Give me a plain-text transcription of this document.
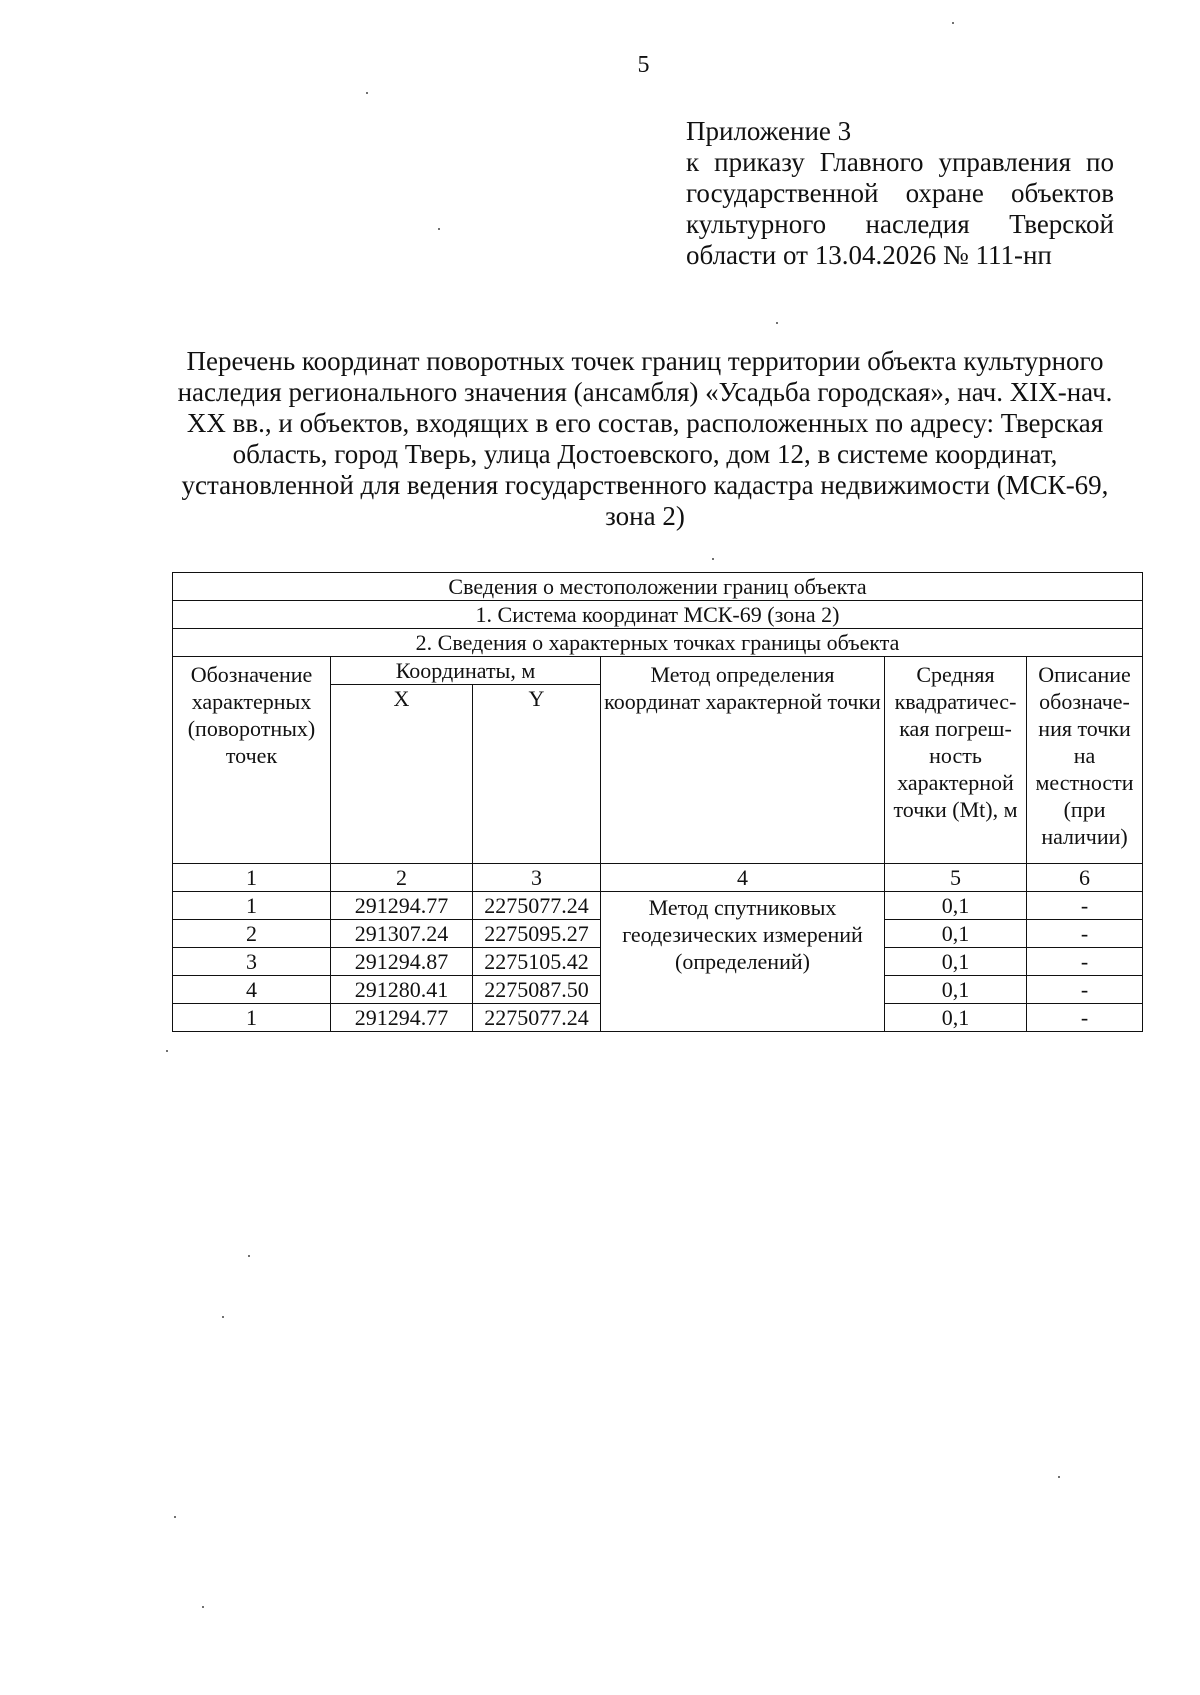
5
Приложение 3
к приказу Главного управления по государственной охране объектов культурного наследия Тверской области от 13.04.2026 № 111-нп
Перечень координат поворотных точек границ территории объекта культурного наследия регионального значения (ансамбля) «Усадьба городская», нач. XIX-нач. XX вв., и объектов, входящих в его состав, расположенных по адресу: Тверская область, город Тверь, улица Достоевского, дом 12, в системе координат, установленной для ведения государственного кадастра недвижимости (МСК-69, зона 2)
Сведения о местоположении границ объекта					
1. Система координат МСК-69 (зона 2)					
2. Сведения о характерных точках границы объекта					
Обозначение характерных (поворотных) точек	Координаты, м		Метод определения координат характерной точки	Средняя квадратичес-кая погреш-ность характерной точки (Mt), м	Описание обозначе-ния точки на местности (при наличии)
	X	Y			
1	2	3	4	5	6
1	291294.77	2275077.24	Метод спутниковых геодезических измерений (определений)	0,1	-
2	291307.24	2275095.27		0,1	-
3	291294.87	2275105.42		0,1	-
4	291280.41	2275087.50		0,1	-
1	291294.77	2275077.24		0,1	-
